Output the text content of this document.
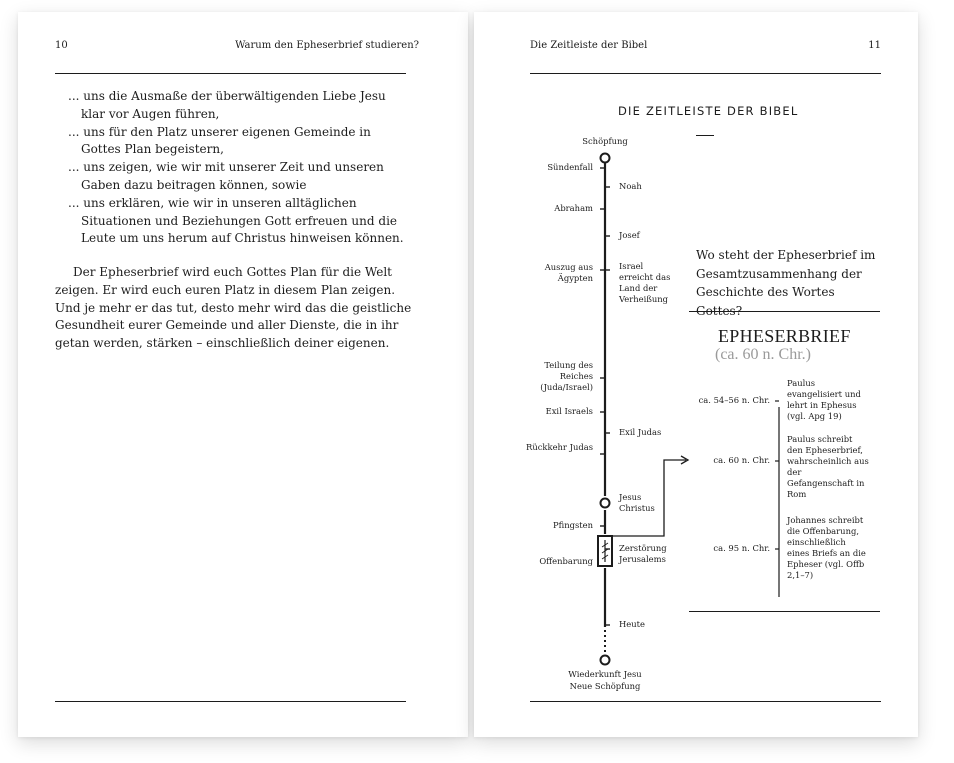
10	Warum den Epheserbrief studieren?
... uns die Ausmaße der überwältigenden Liebe Jesu klar vor Augen führen,
... uns für den Platz unserer eigenen Gemeinde in Gottes Plan begeistern,
... uns zeigen, wie wir mit unserer Zeit und unseren Gaben dazu beitragen können, sowie
... uns erklären, wie wir in unseren alltäglichen Situationen und Beziehungen Gott erfreuen und die Leute um uns herum auf Christus hinweisen können.

Der Epheserbrief wird euch Gottes Plan für die Welt zeigen. Er wird euch euren Platz in diesem Plan zeigen. Und je mehr er das tut, desto mehr wird das die geistliche Gesundheit eurer Gemeinde und aller Dienste, die in ihr getan werden, stärken – einschließlich deiner eigenen.

Die Zeitleiste der Bibel	11
DIE ZEITLEISTE DER BIBEL
Schöpfung
Sündenfall
Abraham
Auszug aus Ägypten
Teilung des Reiches (Juda/Israel)
Exil Israels
Rückkehr Judas
Pfingsten
Offenbarung
Noah
Josef
Israel erreicht das Land der Verheißung
Exil Judas
Jesus Christus
Zerstörung Jerusalems
Heute
Wiederkunft Jesu
Neue Schöpfung
Wo steht der Epheserbrief im Gesamtzusammenhang der Geschichte des Wortes Gottes?
EPHESERBRIEF
(ca. 60 n. Chr.)
ca. 54–56 n. Chr.
Paulus evangelisiert und lehrt in Ephesus (vgl. Apg 19)
ca. 60 n. Chr.
Paulus schreibt den Epheserbrief, wahrscheinlich aus der Gefangenschaft in Rom
ca. 95 n. Chr.
Johannes schreibt die Offenbarung, einschließlich eines Briefs an die Epheser (vgl. Offb 2,1–7)
